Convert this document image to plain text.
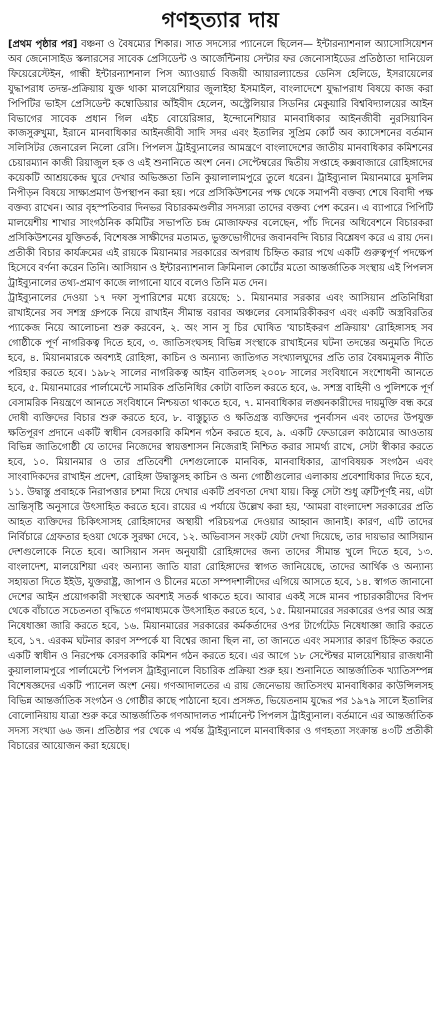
গণহত্যার দায়

[প্রথম পৃষ্ঠার পর] বঞ্চনা ও বৈষম্যের শিকার। সাত সদস্যের প্যানেলে ছিলেন— ইন্টারন্যাশনাল অ্যাসোসিয়েশন অব জেনোসাইড স্কলারসের সাবেক প্রেসিডেন্ট ও আর্জেন্টিনায় সেন্টার ফর জেনোসাইডের প্রতিষ্ঠাতা দানিয়েল ফিয়েরেস্টেইন, গান্ধী ইন্টারন্যাশনাল পিস অ্যাওয়ার্ড বিজয়ী আয়ারল্যান্ডের ডেনিস হেলিডে, ইসরায়েলের যুদ্ধাপরাধ তদন্ত-প্রক্রিয়ায় যুক্ত থাকা মালয়েশিয়ার জুলাইহা ইসমাইল, বাংলাদেশে যুদ্ধাপরাধ বিষয়ে কাজ করা পিপিটির ভাইস প্রেসিডেন্ট কম্বোডিয়ার আঁইবীদ হেলেন, অস্ট্রেলিয়ার সিডনির মেকুয়ারি বিশ্ববিদ্যালয়ের আইন বিভাগের সাবেক প্রধান গিল এইচ বোয়েরিঙ্গার, ইন্দোনেশিয়ার মানবাধিকার আইনজীবী নুরসিয়াবিন কাজসুরুখুমা, ইরানে মানবাধিকার আইনজীবী সাদি সদর এবং ইতালির সুপ্রিম কোর্ট অব ক্যাসেশনের বর্তমান সলিসিটর জেনারেল নিলো রেসি। পিপলস ট্রাইব্যুনালের আমন্ত্রণে বাংলাদেশের জাতীয় মানবাধিকার কমিশনের চেয়ারম্যান কাজী রিয়াজুল হক ও এই শুনানিতে অংশ নেন। সেপ্টেম্বরের দ্বিতীয় সপ্তাহে কক্সবাজারে রোহিঙ্গাদের কয়েকটি আশ্রয়কেন্দ্র ঘুরে দেখার অভিজ্ঞতা তিনি কুয়ালালামপুরে তুলে ধরেন। ট্রাইব্যুনাল মিয়ানমারে মুসলিম নিপীড়ন বিষয়ে সাক্ষ্যপ্রমাণ উপস্থাপন করা হয়। পরে প্রসিকিউশনের পক্ষ থেকে সমাপনী বক্তব্য শেষে বিবাদী পক্ষ বক্তব্য রাখেন। আর বৃহস্পতিবার দিনভর বিচারকমণ্ডলীর সদস্যরা তাদের বক্তব্য পেশ করেন। এ ব্যাপারে পিপিটি মালয়েশীয় শাখার সাংগঠনিক কমিটির সভাপতি চন্দ্র মোজাফফর বলেছেন, পাঁচ দিনের অধিবেশনে বিচারকরা প্রসিকিউশনের যুক্তিতর্ক, বিশেষজ্ঞ সাক্ষীদের মতামত, ভুক্তভোগীদের জবানবন্দি বিচার বিশ্লেষণ করে এ রায় দেন। প্রতীকী বিচার কার্যক্রমের এই রায়কে মিয়ানমার সরকারের অপরাধ চিহ্নিত করার পথে একটি গুরুত্বপূর্ণ পদক্ষেপ হিসেবে বর্ণনা করেন তিনি। আসিয়ান ও ইন্টারন্যাশনাল ক্রিমিনাল কোর্টের মতো আন্তর্জাতিক সংস্থায় এই পিপলস ট্রাইব্যুনালের তথ্য-প্রমাণ কাজে লাগানো যাবে বলেও তিনি মত দেন।

ট্রাইব্যুনালের দেওয়া ১৭ দফা সুপারিশের মধ্যে রয়েছে: ১. মিয়ানমার সরকার এবং আসিয়ান প্রতিনিধিরা রাখাইনের সব সশস্ত্র গ্রুপকে নিয়ে রাখাইন সীমান্ত বরাবর অঞ্চলের বেসামরিকীকরণ এবং একটি অস্ত্রবিরতির প্যাকেজ নিয়ে আলোচনা শুরু করবেন, ২. অং সান সু চির ঘোষিত 'যাচাইকরণ প্রক্রিয়ায়' রোহিঙ্গাসহ সব গোষ্ঠীকে পূর্ণ নাগরিকত্ব দিতে হবে, ৩. জাতিসংঘসহ বিভিন্ন সংস্থাকে রাখাইনের ঘটনা তদন্তের অনুমতি দিতে হবে, ৪. মিয়ানমারকে অবশ্যই রোহিঙ্গা, কাচিন ও অন্যান্য জাতিগত সংখ্যালঘুদের প্রতি তার বৈষম্যমূলক নীতি পরিহার করতে হবে। ১৯৮২ সালের নাগরিকত্ব আইন বাতিলসহ ২০০৮ সালের সংবিধানে সংশোধনী আনতে হবে, ৫. মিয়ানমারের পার্লামেন্টে সামরিক প্রতিনিধির কোটা বাতিল করতে হবে, ৬. সশস্ত্র বাহিনী ও পুলিশকে পূর্ণ বেসামরিক নিয়ন্ত্রণে আনতে সংবিধানে নিশ্চয়তা থাকতে হবে, ৭. মানবাধিকার লঙ্ঘনকারীদের দায়মুক্তি বন্ধ করে দোষী ব্যক্তিদের বিচার শুরু করতে হবে, ৮. বাস্তুচ্যুত ও ক্ষতিগ্রস্ত ব্যক্তিদের পুনর্বাসন এবং তাদের উপযুক্ত ক্ষতিপূরণ প্রদানে একটি স্বাধীন বেসরকারি কমিশন গঠন করতে হবে, ৯. একটি ফেডারেল কাঠামোর আওতায় বিভিন্ন জাতিগোষ্ঠী যে তাদের নিজেদের স্বায়ত্তশাসন নিজেরাই নিশ্চিত করার সামর্থ্য রাখে, সেটা স্বীকার করতে হবে, ১০. মিয়ানমার ও তার প্রতিবেশী দেশগুলোকে মানবিক, মানবাধিকার, ত্রাণবিষয়ক সংগঠন এবং সাংবাদিকদের রাখাইন প্রদেশ, রোহিঙ্গা উদ্বাস্তুসহ কাচিন ও অন্য গোষ্ঠীগুলোর এলাকায় প্রবেশাধিকার দিতে হবে, ১১. উদ্বাস্তু প্রবাহকে নিরাপত্তার চশমা দিয়ে দেখার একটি প্রবণতা দেখা যায়। কিন্তু সেটা শুধু ত্রুটিপূর্ণই নয়, এটা ভ্রান্তিসৃষ্টি অনুসারে উৎসাহিত করতে হবে। রায়ের এ পর্যায়ে উল্লেখ করা হয়, 'আমরা বাংলাদেশ সরকারের প্রতি আহত ব্যক্তিদের চিকিৎসাসহ রোহিঙ্গাদের অস্থায়ী পরিচয়পত্র দেওয়ার আহ্বান জানাই। কারণ, এটি তাদের নির্বিচারে গ্রেফতার হওয়া থেকে সুরক্ষা দেবে, ১২. অভিবাসন সংকট যেটা দেখা দিয়েছে, তার দায়ভার আসিয়ান দেশগুলোকে নিতে হবে। আসিয়ান সনদ অনুযায়ী রোহিঙ্গাদের জন্য তাদের সীমান্ত খুলে দিতে হবে, ১৩. বাংলাদেশ, মালয়েশিয়া এবং অন্যান্য জাতি যারা রোহিঙ্গাদের স্বাগত জানিয়েছে, তাদের আর্থিক ও অন্যান্য সহায়তা দিতে ইইউ, যুক্তরাষ্ট্র, জাপান ও চীনের মতো সম্পদশালীদের এগিয়ে আসতে হবে, ১৪. স্বাগত জানানো দেশের আইন প্রয়োগকারী সংস্থাকে অবশ্যই সতর্ক থাকতে হবে। আবার একই সঙ্গে মানব পাচারকারীদের বিপদ থেকে বাঁচাতে সচেতনতা বৃদ্ধিতে গণমাধ্যমকে উৎসাহিত করতে হবে, ১৫. মিয়ানমারের সরকারের ওপর আর অস্ত্র নিষেধাজ্ঞা জারি করতে হবে, ১৬. মিয়ানমারের সরকারের কর্মকর্তাদের ওপর টার্গেটেড নিষেধাজ্ঞা জারি করতে হবে, ১৭. এরকম ঘটনার কারণ সম্পর্কে যা বিশ্বের জানা ছিল না, তা জানতে এবং সমস্যার কারণ চিহ্নিত করতে একটি স্বাধীন ও নিরপেক্ষ বেসরকারি কমিশন গঠন করতে হবে। এর আগে ১৮ সেপ্টেম্বর মালয়েশিয়ার রাজধানী কুয়ালালামপুরে পার্লামেন্টে পিপলস ট্রাইব্যুনালে বিচারিক প্রক্রিয়া শুরু হয়। শুনানিতে আন্তর্জাতিক খ্যাতিসম্পন্ন বিশেষজ্ঞদের একটি প্যানেল অংশ নেয়। গণআদালতের এ রায় জেনেভায় জাতিসংঘ মানবাধিকার কাউন্সিলসহ বিভিন্ন আন্তর্জাতিক সংগঠন ও গোষ্ঠীর কাছে পাঠানো হবে। প্রসঙ্গত, ভিয়েতনাম যুদ্ধের পর ১৯৭৯ সালে ইতালির বোলোনিয়ায় যাত্রা শুরু করে আন্তর্জাতিক গণআদালত পার্মানেন্ট পিপলস ট্রাইব্যুনাল। বর্তমানে এর আন্তর্জাতিক সদস্য সংখ্যা ৬৬ জন। প্রতিষ্ঠার পর থেকে এ পর্যন্ত ট্রাইব্যুনালে মানবাধিকার ও গণহত্যা সংক্রান্ত ৪৩টি প্রতীকী বিচারের আয়োজন করা হয়েছে।
